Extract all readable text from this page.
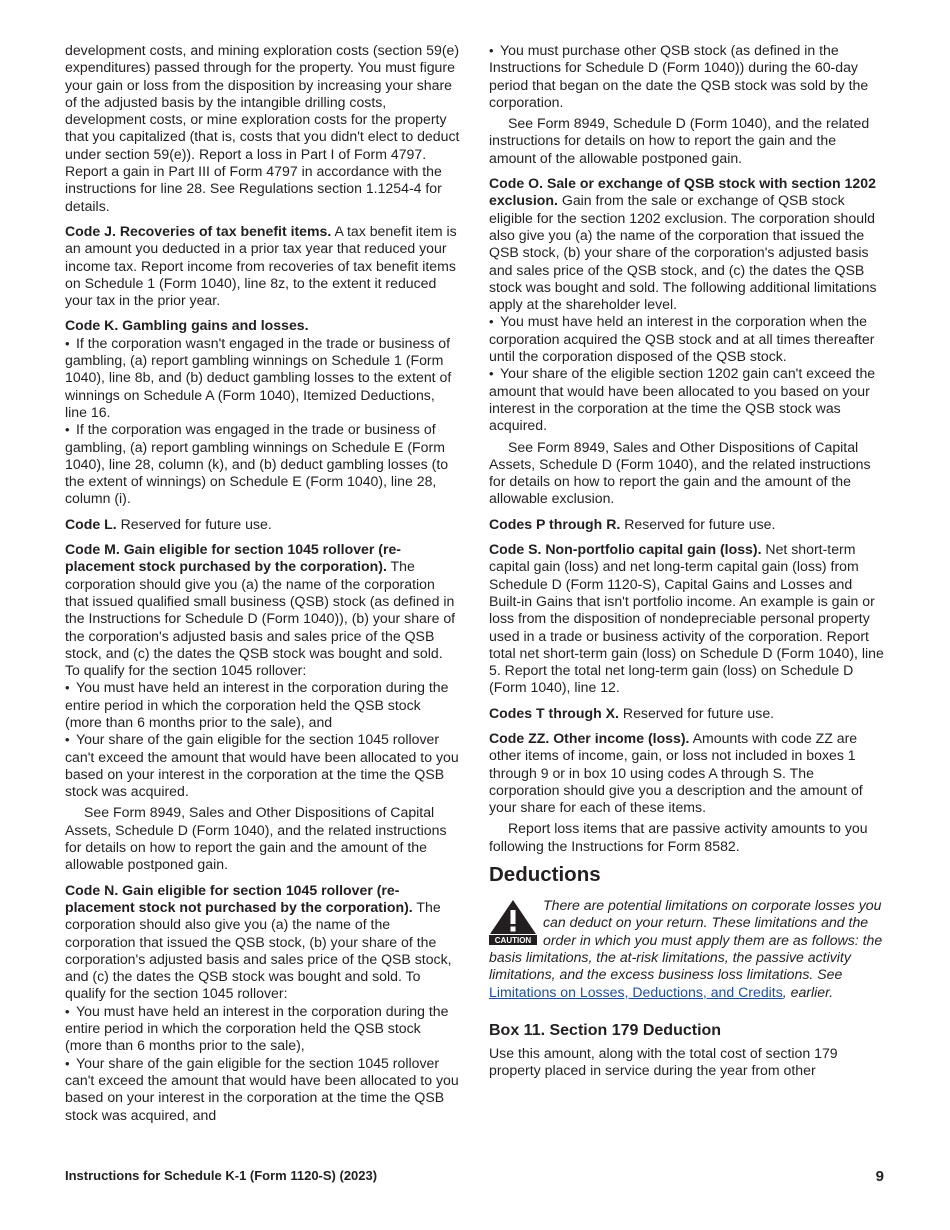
development costs, and mining exploration costs (section 59(e) expenditures) passed through for the property. You must figure your gain or loss from the disposition by increasing your share of the adjusted basis by the intangible drilling costs, development costs, or mine exploration costs for the property that you capitalized (that is, costs that you didn't elect to deduct under section 59(e)). Report a loss in Part I of Form 4797. Report a gain in Part III of Form 4797 in accordance with the instructions for line 28. See Regulations section 1.1254-4 for details.

Code J. Recoveries of tax benefit items. A tax benefit item is an amount you deducted in a prior tax year that reduced your income tax. Report income from recoveries of tax benefit items on Schedule 1 (Form 1040), line 8z, to the extent it reduced your tax in the prior year.

Code K. Gambling gains and losses.

• If the corporation wasn't engaged in the trade or business of gambling, (a) report gambling winnings on Schedule 1 (Form 1040), line 8b, and (b) deduct gambling losses to the extent of winnings on Schedule A (Form 1040), Itemized Deductions, line 16.

• If the corporation was engaged in the trade or business of gambling, (a) report gambling winnings on Schedule E (Form 1040), line 28, column (k), and (b) deduct gambling losses (to the extent of winnings) on Schedule E (Form 1040), line 28, column (i).

Code L. Reserved for future use.

Code M. Gain eligible for section 1045 rollover (re-placement stock purchased by the corporation). The corporation should give you (a) the name of the corporation that issued qualified small business (QSB) stock (as defined in the Instructions for Schedule D (Form 1040)), (b) your share of the corporation's adjusted basis and sales price of the QSB stock, and (c) the dates the QSB stock was bought and sold. To qualify for the section 1045 rollover:

• You must have held an interest in the corporation during the entire period in which the corporation held the QSB stock (more than 6 months prior to the sale), and

• Your share of the gain eligible for the section 1045 rollover can't exceed the amount that would have been allocated to you based on your interest in the corporation at the time the QSB stock was acquired.

See Form 8949, Sales and Other Dispositions of Capital Assets, Schedule D (Form 1040), and the related instructions for details on how to report the gain and the amount of the allowable postponed gain.

Code N. Gain eligible for section 1045 rollover (re-placement stock not purchased by the corporation). The corporation should also give you (a) the name of the corporation that issued the QSB stock, (b) your share of the corporation's adjusted basis and sales price of the QSB stock, and (c) the dates the QSB stock was bought and sold. To qualify for the section 1045 rollover:

• You must have held an interest in the corporation during the entire period in which the corporation held the QSB stock (more than 6 months prior to the sale),

• Your share of the gain eligible for the section 1045 rollover can't exceed the amount that would have been allocated to you based on your interest in the corporation at the time the QSB stock was acquired, and

• You must purchase other QSB stock (as defined in the Instructions for Schedule D (Form 1040)) during the 60-day period that began on the date the QSB stock was sold by the corporation.

See Form 8949, Schedule D (Form 1040), and the related instructions for details on how to report the gain and the amount of the allowable postponed gain.

Code O. Sale or exchange of QSB stock with section 1202 exclusion. Gain from the sale or exchange of QSB stock eligible for the section 1202 exclusion. The corporation should also give you (a) the name of the corporation that issued the QSB stock, (b) your share of the corporation's adjusted basis and sales price of the QSB stock, and (c) the dates the QSB stock was bought and sold. The following additional limitations apply at the shareholder level.

• You must have held an interest in the corporation when the corporation acquired the QSB stock and at all times thereafter until the corporation disposed of the QSB stock.

• Your share of the eligible section 1202 gain can't exceed the amount that would have been allocated to you based on your interest in the corporation at the time the QSB stock was acquired.

See Form 8949, Sales and Other Dispositions of Capital Assets, Schedule D (Form 1040), and the related instructions for details on how to report the gain and the amount of the allowable exclusion.

Codes P through R. Reserved for future use.

Code S. Non-portfolio capital gain (loss). Net short-term capital gain (loss) and net long-term capital gain (loss) from Schedule D (Form 1120-S), Capital Gains and Losses and Built-in Gains that isn't portfolio income. An example is gain or loss from the disposition of nondepreciable personal property used in a trade or business activity of the corporation. Report total net short-term gain (loss) on Schedule D (Form 1040), line 5. Report the total net long-term gain (loss) on Schedule D (Form 1040), line 12.

Codes T through X. Reserved for future use.

Code ZZ. Other income (loss). Amounts with code ZZ are other items of income, gain, or loss not included in boxes 1 through 9 or in box 10 using codes A through S. The corporation should give you a description and the amount of your share for each of these items.

Report loss items that are passive activity amounts to you following the Instructions for Form 8582.

Deductions
CAUTION

There are potential limitations on corporate losses you can deduct on your return. These limitations and the order in which you must apply them are as follows: the basis limitations, the at-risk limitations, the passive activity limitations, and the excess business loss limitations. See Limitations on Losses, Deductions, and Credits, earlier.

Box 11. Section 179 Deduction

Use this amount, along with the total cost of section 179 property placed in service during the year from other

Instructions for Schedule K-1 (Form 1120-S) (2023)	9
